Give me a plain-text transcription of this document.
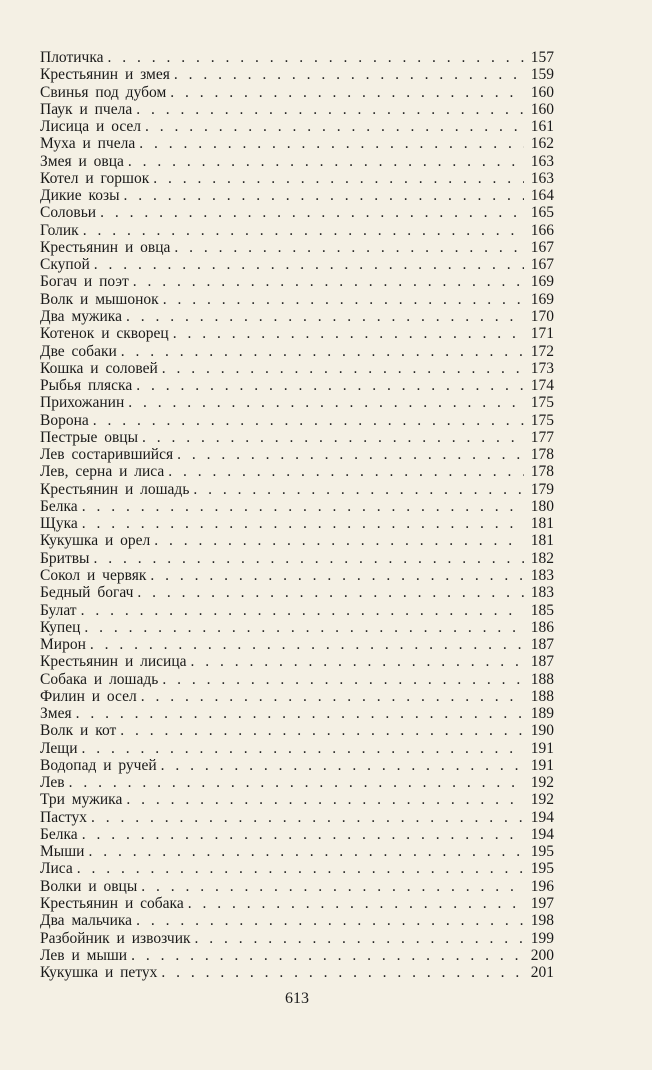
Плотичка . . .	157
Крестьянин и змея . . .	159
Свинья под дубом . . .	160
Паук и пчела . . .	160
Лисица и осел . . .	161
Муха и пчела . . .	162
Змея и овца . . .	163
Котел и горшок . . .	163
Дикие козы . . .	164
Соловьи . . .	165
Голик . . .	166
Крестьянин и овца . . .	167
Скупой . . .	167
Богач и поэт . . .	169
Волк и мышонок . . .	169
Два мужика . . .	170
Котенок и скворец . . .	171
Две собаки . . .	172
Кошка и соловей . . .	173
Рыбья пляска . . .	174
Прихожанин . . .	175
Ворона . . .	175
Пестрые овцы . . .	177
Лев состарившийся . . .	178
Лев, серна и лиса . . .	178
Крестьянин и лошадь . . .	179
Белка . . .	180
Щука . . .	181
Кукушка и орел . . .	181
Бритвы . . .	182
Сокол и червяк . . .	183
Бедный богач . . .	183
Булат . . .	185
Купец . . .	186
Мирон . . .	187
Крестьянин и лисица . . .	187
Собака и лошадь . . .	188
Филин и осел . . .	188
Змея . . .	189
Волк и кот . . .	190
Лещи . . .	191
Водопад и ручей . . .	191
Лев . . .	192
Три мужика . . .	192
Пастух . . .	194
Белка . . .	194
Мыши . . .	195
Лиса . . .	195
Волки и овцы . . .	196
Крестьянин и собака . . .	197
Два мальчика . . .	198
Разбойник и извозчик . . .	199
Лев и мыши . . .	200
Кукушка и петух . . .	201
613
